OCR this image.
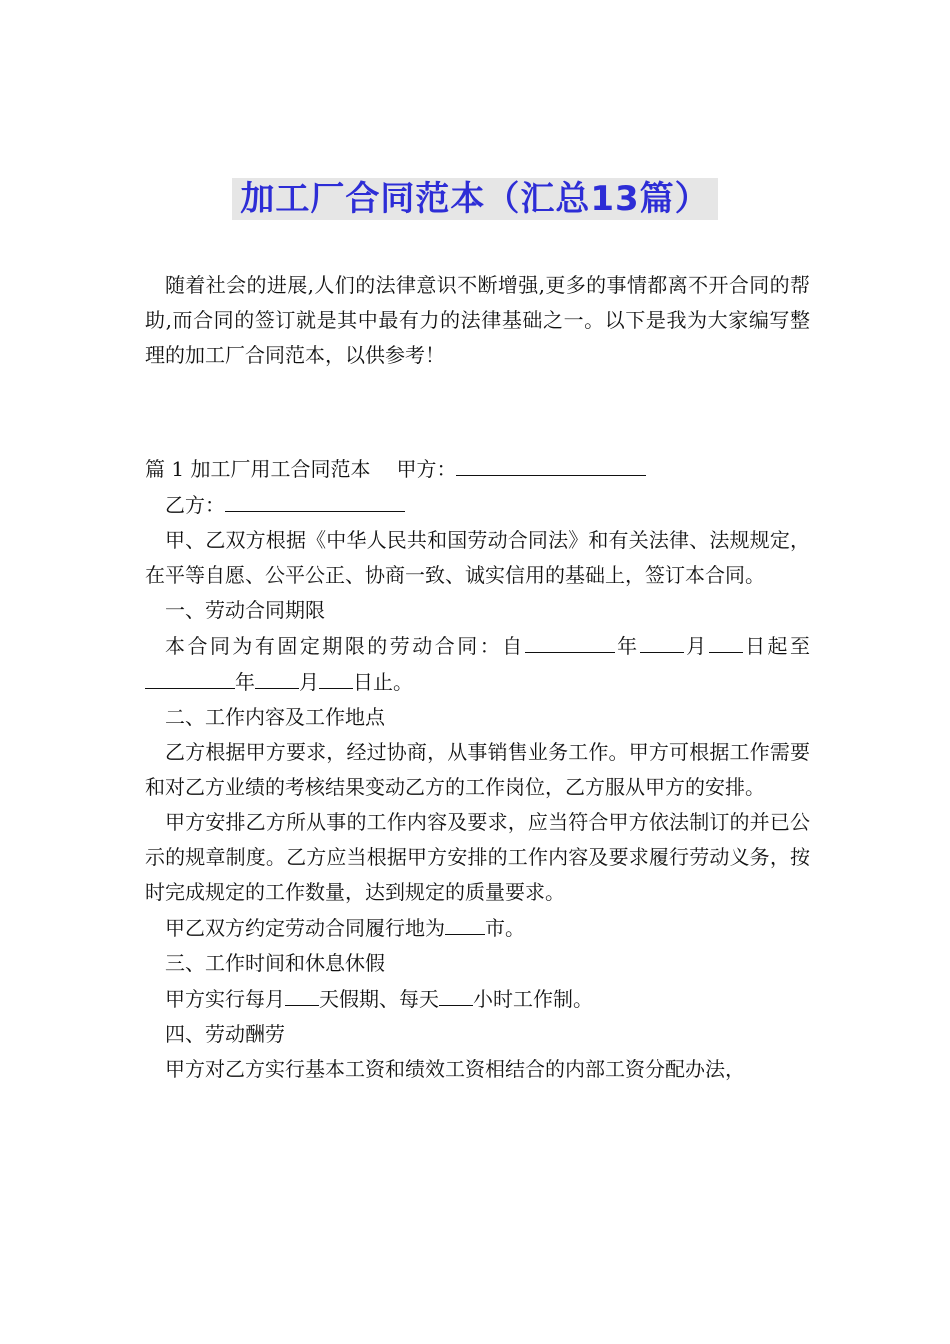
加工厂合同范本（汇总13篇）

随着社会的进展,人们的法律意识不断增强,更多的事情都离不开合同的帮助,而合同的签订就是其中最有力的法律基础之一。以下是我为大家编写整理的加工厂合同范本，以供参考！

篇 1 加工厂用工合同范本 甲方：

乙方：

甲、乙双方根据《中华人民共和国劳动合同法》和有关法律、法规规定，在平等自愿、公平公正、协商一致、诚实信用的基础上，签订本合同。

一、劳动合同期限

本合同为有固定期限的劳动合同：自	年 月 日起至年 月 日止。

二、工作内容及工作地点

乙方根据甲方要求，经过协商，从事销售业务工作。甲方可根据工作需要和对乙方业绩的考核结果变动乙方的工作岗位，乙方服从甲方的安排。

甲方安排乙方所从事的工作内容及要求，应当符合甲方依法制订的并已公示的规章制度。乙方应当根据甲方安排的工作内容及要求履行劳动义务，按时完成规定的工作数量，达到规定的质量要求。

甲乙双方约定劳动合同履行地为 市。

三、工作时间和休息休假

甲方实行每月 天假期、每天 小时工作制。

四、劳动酬劳

甲方对乙方实行基本工资和绩效工资相结合的内部工资分配办法，
